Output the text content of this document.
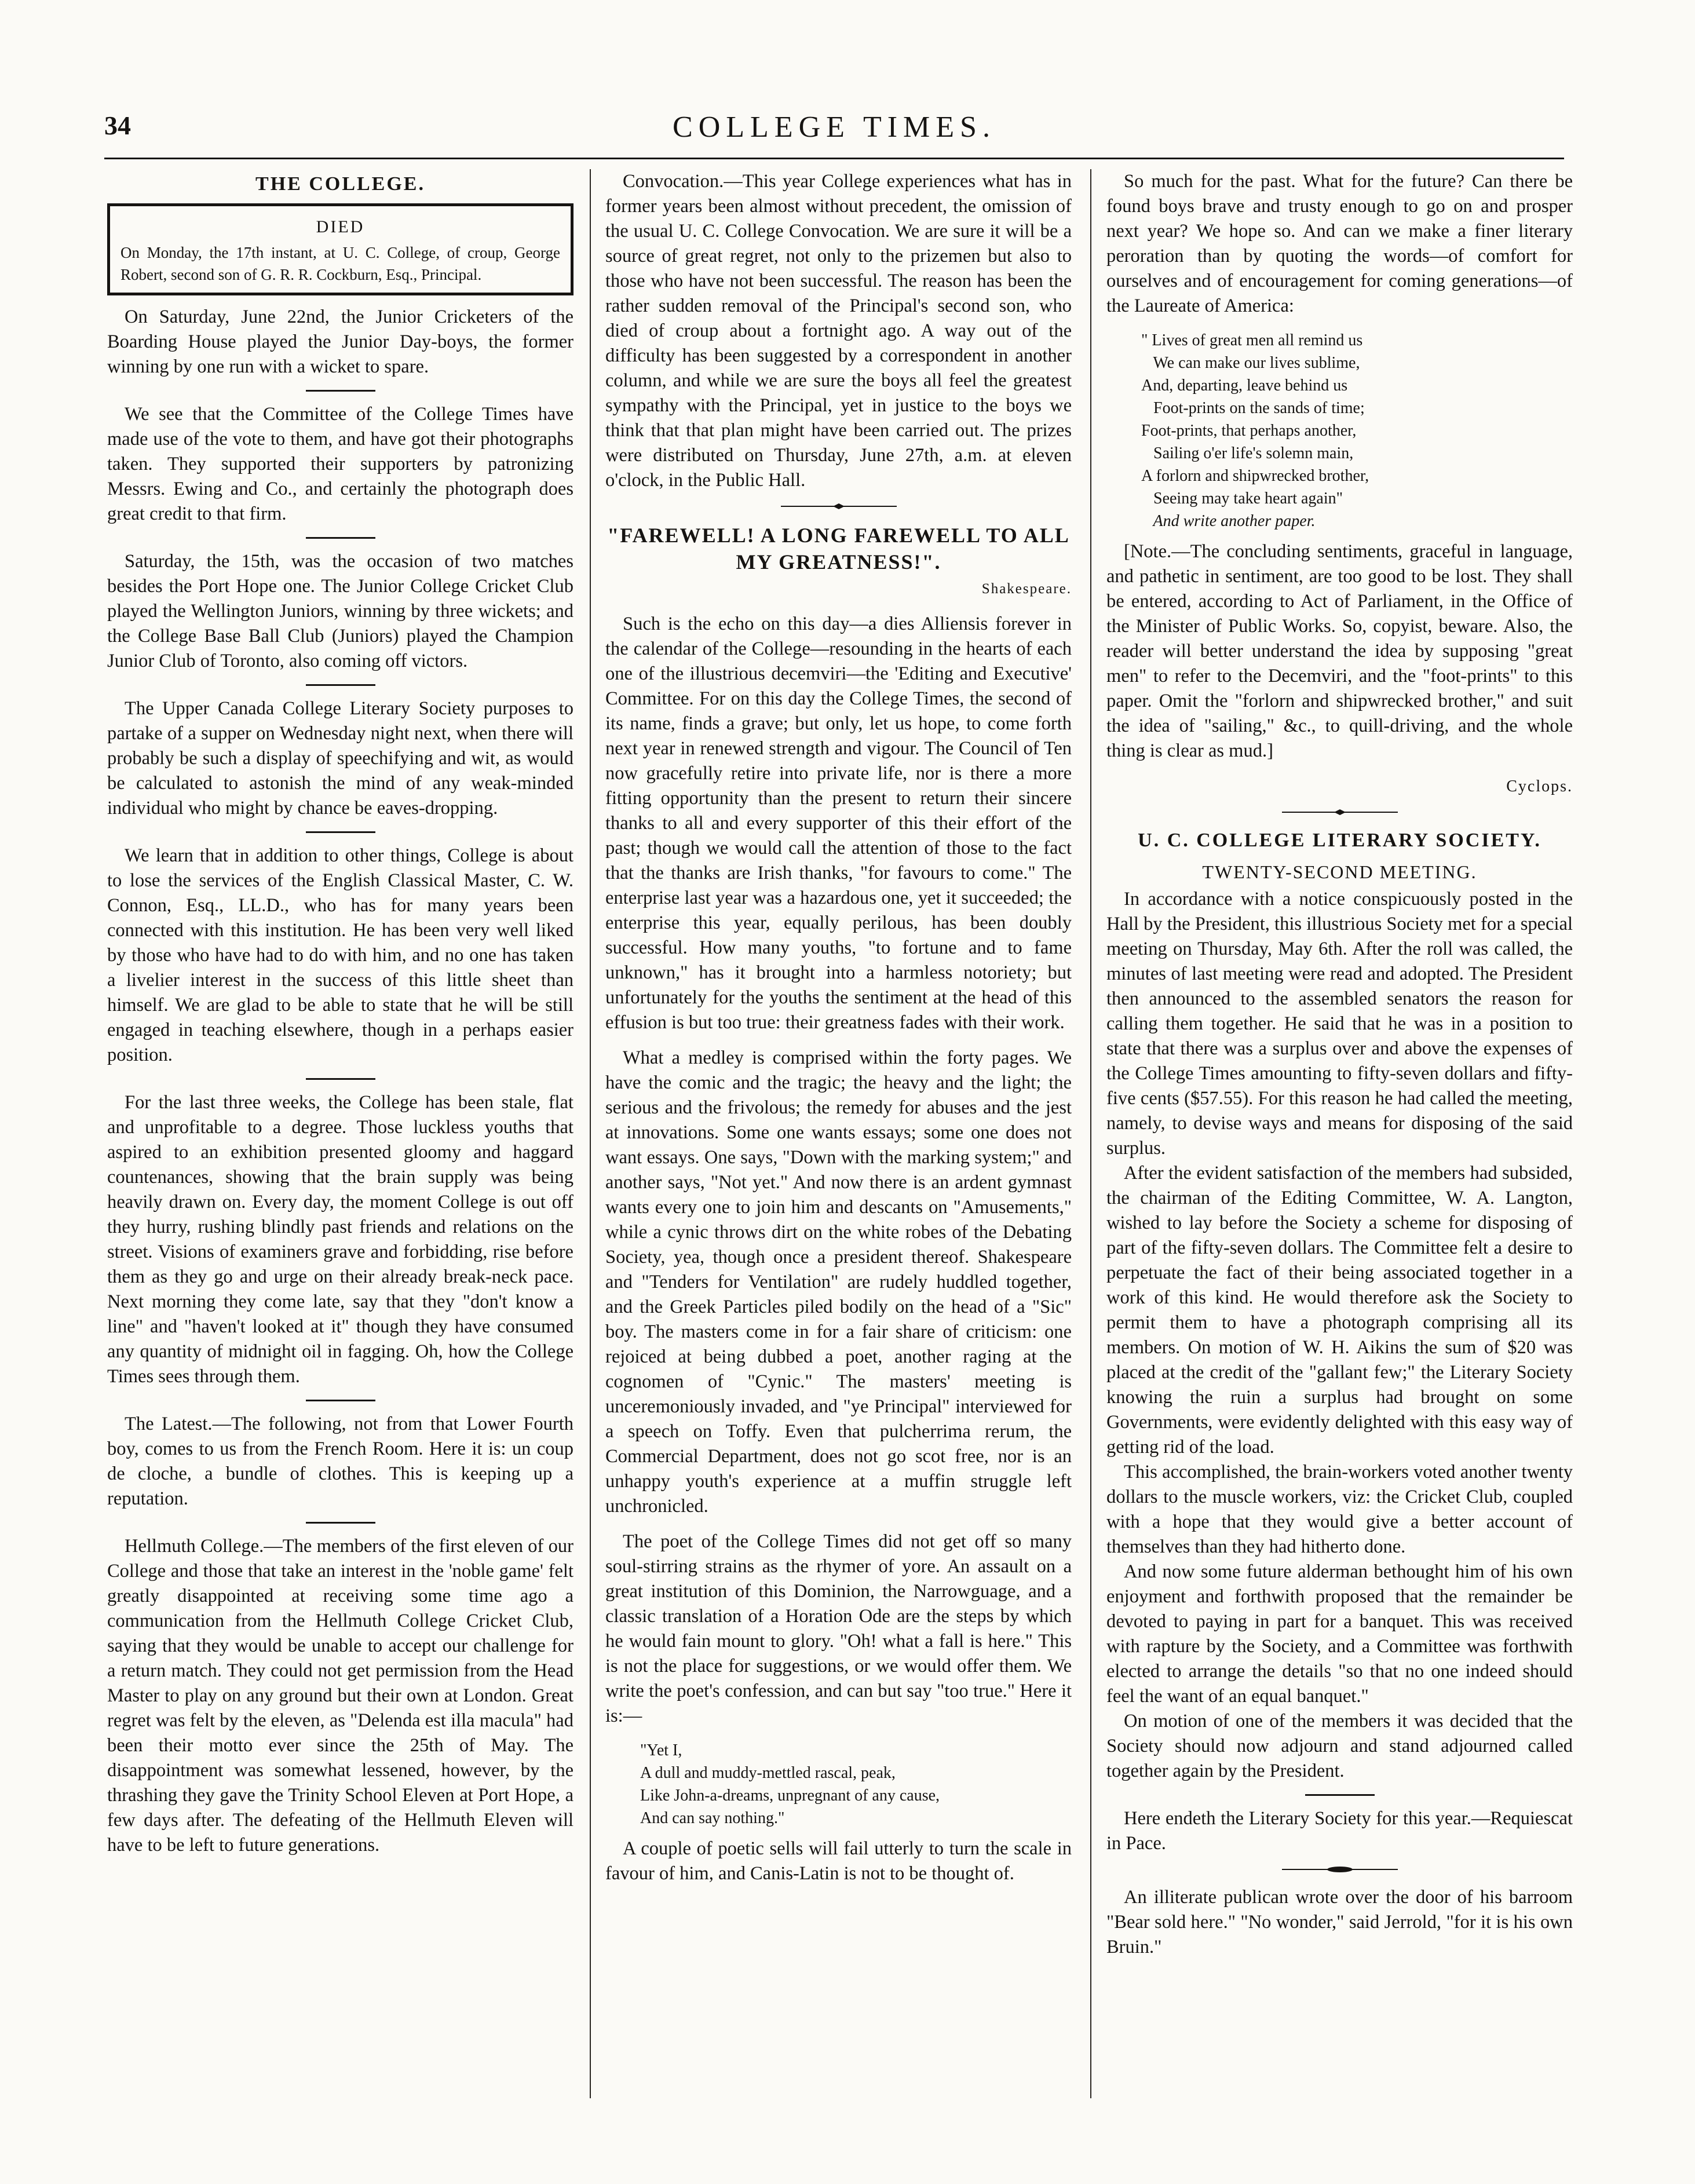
34	COLLEGE TIMES.
THE COLLEGE.
DIED
On Monday, the 17th instant, at U. C. College, of croup, George Robert, second son of G. R. R. Cockburn, Esq., Principal.

On Saturday, June 22nd, the Junior Cricketers of the Boarding House played the Junior Day-boys, the former winning by one run with a wicket to spare.

We see that the Committee of the College Times have made use of the vote to them, and have got their photographs taken. They supported their supporters by patronizing Messrs. Ewing and Co., and certainly the photograph does great credit to that firm.

Saturday, the 15th, was the occasion of two matches besides the Port Hope one. The Junior College Cricket Club played the Wellington Juniors, winning by three wickets; and the College Base Ball Club (Juniors) played the Champion Junior Club of Toronto, also coming off victors.

The Upper Canada College Literary Society purposes to partake of a supper on Wednesday night next, when there will probably be such a display of speechifying and wit, as would be calculated to astonish the mind of any weak-minded individual who might by chance be eaves-dropping.

We learn that in addition to other things, College is about to lose the services of the English Classical Master, C. W. Connon, Esq., LL.D., who has for many years been connected with this institution. He has been very well liked by those who have had to do with him, and no one has taken a livelier interest in the success of this little sheet than himself. We are glad to be able to state that he will be still engaged in teaching elsewhere, though in a perhaps easier position.

For the last three weeks, the College has been stale, flat and unprofitable to a degree. Those luckless youths that aspired to an exhibition presented gloomy and haggard countenances, showing that the brain supply was being heavily drawn on. Every day, the moment College is out off they hurry, rushing blindly past friends and relations on the street. Visions of examiners grave and forbidding, rise before them as they go and urge on their already break-neck pace. Next morning they come late, say that they "don't know a line" and "haven't looked at it" though they have consumed any quantity of midnight oil in fagging. Oh, how the College Times sees through them.

The Latest.—The following, not from that Lower Fourth boy, comes to us from the French Room. Here it is: un coup de cloche, a bundle of clothes. This is keeping up a reputation.

Hellmuth College.—The members of the first eleven of our College and those that take an interest in the 'noble game' felt greatly disappointed at receiving some time ago a communication from the Hellmuth College Cricket Club, saying that they would be unable to accept our challenge for a return match. They could not get permission from the Head Master to play on any ground but their own at London. Great regret was felt by the eleven, as "Delenda est illa macula" had been their motto ever since the 25th of May. The disappointment was somewhat lessened, however, by the thrashing they gave the Trinity School Eleven at Port Hope, a few days after. The defeating of the Hellmuth Eleven will have to be left to future generations.

Convocation.—This year College experiences what has in former years been almost without precedent, the omission of the usual U. C. College Convocation. We are sure it will be a source of great regret, not only to the prizemen but also to those who have not been successful. The reason has been the rather sudden removal of the Principal's second son, who died of croup about a fortnight ago. A way out of the difficulty has been suggested by a correspondent in another column, and while we are sure the boys all feel the greatest sympathy with the Principal, yet in justice to the boys we think that that plan might have been carried out. The prizes were distributed on Thursday, June 27th, a.m. at eleven o'clock, in the Public Hall.

"FAREWELL! A LONG FAREWELL TO ALL MY GREATNESS!".
Shakespeare.

Such is the echo on this day—a dies Alliensis forever in the calendar of the College—resounding in the hearts of each one of the illustrious decemviri—the 'Editing and Executive' Committee. For on this day the College Times, the second of its name, finds a grave; but only, let us hope, to come forth next year in renewed strength and vigour. The Council of Ten now gracefully retire into private life, nor is there a more fitting opportunity than the present to return their sincere thanks to all and every supporter of this their effort of the past; though we would call the attention of those to the fact that the thanks are Irish thanks, "for favours to come." The enterprise last year was a hazardous one, yet it succeeded; the enterprise this year, equally perilous, has been doubly successful. How many youths, "to fortune and to fame unknown," has it brought into a harmless notoriety; but unfortunately for the youths the sentiment at the head of this effusion is but too true: their greatness fades with their work.

What a medley is comprised within the forty pages. We have the comic and the tragic; the heavy and the light; the serious and the frivolous; the remedy for abuses and the jest at innovations. Some one wants essays; some one does not want essays. One says, "Down with the marking system;" and another says, "Not yet." And now there is an ardent gymnast wants every one to join him and descants on "Amusements," while a cynic throws dirt on the white robes of the Debating Society, yea, though once a president thereof. Shakespeare and "Tenders for Ventilation" are rudely huddled together, and the Greek Particles piled bodily on the head of a "Sic" boy. The masters come in for a fair share of criticism: one rejoiced at being dubbed a poet, another raging at the cognomen of "Cynic." The masters' meeting is unceremoniously invaded, and "ye Principal" interviewed for a speech on Toffy. Even that pulcherrima rerum, the Commercial Department, does not go scot free, nor is an unhappy youth's experience at a muffin struggle left unchronicled.

The poet of the College Times did not get off so many soul-stirring strains as the rhymer of yore. An assault on a great institution of this Dominion, the Narrowguage, and a classic translation of a Horation Ode are the steps by which he would fain mount to glory. "Oh! what a fall is here." This is not the place for suggestions, or we would offer them. We write the poet's confession, and can but say "too true." Here it is:—

"Yet I,
A dull and muddy-mettled rascal, peak,
Like John-a-dreams, unpregnant of any cause,
And can say nothing."

A couple of poetic sells will fail utterly to turn the scale in favour of him, and Canis-Latin is not to be thought of.

So much for the past. What for the future? Can there be found boys brave and trusty enough to go on and prosper next year? We hope so. And can we make a finer literary peroration than by quoting the words—of comfort for ourselves and of encouragement for coming generations—of the Laureate of America:

" Lives of great men all remind us
We can make our lives sublime,
And, departing, leave behind us
Foot-prints on the sands of time;
Foot-prints, that perhaps another,
Sailing o'er life's solemn main,
A forlorn and shipwrecked brother,
Seeing may take heart again"
And write another paper.

[Note.—The concluding sentiments, graceful in language, and pathetic in sentiment, are too good to be lost. They shall be entered, according to Act of Parliament, in the Office of the Minister of Public Works. So, copyist, beware. Also, the reader will better understand the idea by supposing "great men" to refer to the Decemviri, and the "foot-prints" to this paper. Omit the "forlorn and shipwrecked brother," and suit the idea of "sailing," &c., to quill-driving, and the whole thing is clear as mud.]

Cyclops.
U. C. COLLEGE LITERARY SOCIETY.
TWENTY-SECOND MEETING.

In accordance with a notice conspicuously posted in the Hall by the President, this illustrious Society met for a special meeting on Thursday, May 6th. After the roll was called, the minutes of last meeting were read and adopted. The President then announced to the assembled senators the reason for calling them together. He said that he was in a position to state that there was a surplus over and above the expenses of the College Times amounting to fifty-seven dollars and fifty-five cents ($57.55). For this reason he had called the meeting, namely, to devise ways and means for disposing of the said surplus.

After the evident satisfaction of the members had subsided, the chairman of the Editing Committee, W. A. Langton, wished to lay before the Society a scheme for disposing of part of the fifty-seven dollars. The Committee felt a desire to perpetuate the fact of their being associated together in a work of this kind. He would therefore ask the Society to permit them to have a photograph comprising all its members. On motion of W. H. Aikins the sum of $20 was placed at the credit of the "gallant few;" the Literary Society knowing the ruin a surplus had brought on some Governments, were evidently delighted with this easy way of getting rid of the load.

This accomplished, the brain-workers voted another twenty dollars to the muscle workers, viz: the Cricket Club, coupled with a hope that they would give a better account of themselves than they had hitherto done.

And now some future alderman bethought him of his own enjoyment and forthwith proposed that the remainder be devoted to paying in part for a banquet. This was received with rapture by the Society, and a Committee was forthwith elected to arrange the details "so that no one indeed should feel the want of an equal banquet."

On motion of one of the members it was decided that the Society should now adjourn and stand adjourned called together again by the President.

Here endeth the Literary Society for this year.—Requiescat in Pace.

An illiterate publican wrote over the door of his barroom "Bear sold here." "No wonder," said Jerrold, "for it is his own Bruin."
